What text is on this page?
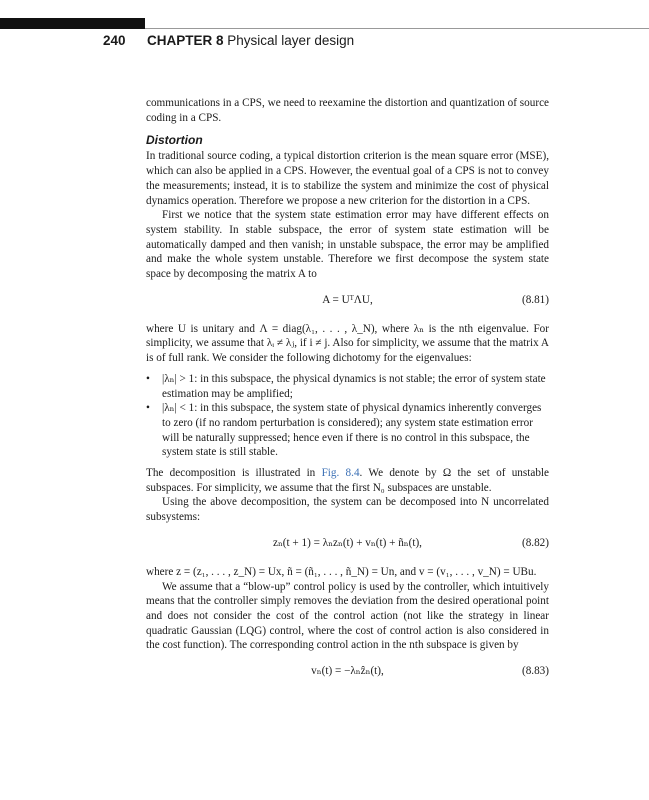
240 CHAPTER 8 Physical layer design

communications in a CPS, we need to reexamine the distortion and quantization of source coding in a CPS.

Distortion

In traditional source coding, a typical distortion criterion is the mean square error (MSE), which can also be applied in a CPS. However, the eventual goal of a CPS is not to convey the measurements; instead, it is to stabilize the system and minimize the cost of physical dynamics operation. Therefore we propose a new criterion for the distortion in a CPS.

First we notice that the system state estimation error may have different effects on system stability. In stable subspace, the error of system state estimation will be automatically damped and then vanish; in unstable subspace, the error may be amplified and make the whole system unstable. Therefore we first decompose the system state space by decomposing the matrix A to

A = UᵀΛU,	(8.81)

where U is unitary and Λ = diag(λ₁, . . . , λ_N), where λₙ is the nth eigenvalue. For simplicity, we assume that λᵢ ≠ λⱼ, if i ≠ j. Also for simplicity, we assume that the matrix A is of full rank. We consider the following dichotomy for the eigenvalues:

• |λₙ| > 1: in this subspace, the physical dynamics is not stable; the error of system state estimation may be amplified;
• |λₙ| < 1: in this subspace, the system state of physical dynamics inherently converges to zero (if no random perturbation is considered); any system state estimation error will be naturally suppressed; hence even if there is no control in this subspace, the system state is still stable.

The decomposition is illustrated in Fig. 8.4. We denote by Ω the set of unstable subspaces. For simplicity, we assume that the first N₀ subspaces are unstable.

Using the above decomposition, the system can be decomposed into N uncorrelated subsystems:

zₙ(t + 1) = λₙzₙ(t) + vₙ(t) + ñₙ(t),	(8.82)

where z = (z₁, . . . , z_N) = Ux, ñ = (ñ₁, . . . , ñ_N) = Un, and v = (v₁, . . . , v_N) = UBu.

We assume that a “blow-up” control policy is used by the controller, which intuitively means that the controller simply removes the deviation from the desired operational point and does not consider the cost of the control action (not like the strategy in linear quadratic Gaussian (LQG) control, where the cost of control action is also considered in the cost function). The corresponding control action in the nth subspace is given by

vₙ(t) = −λₙẑₙ(t),	(8.83)
